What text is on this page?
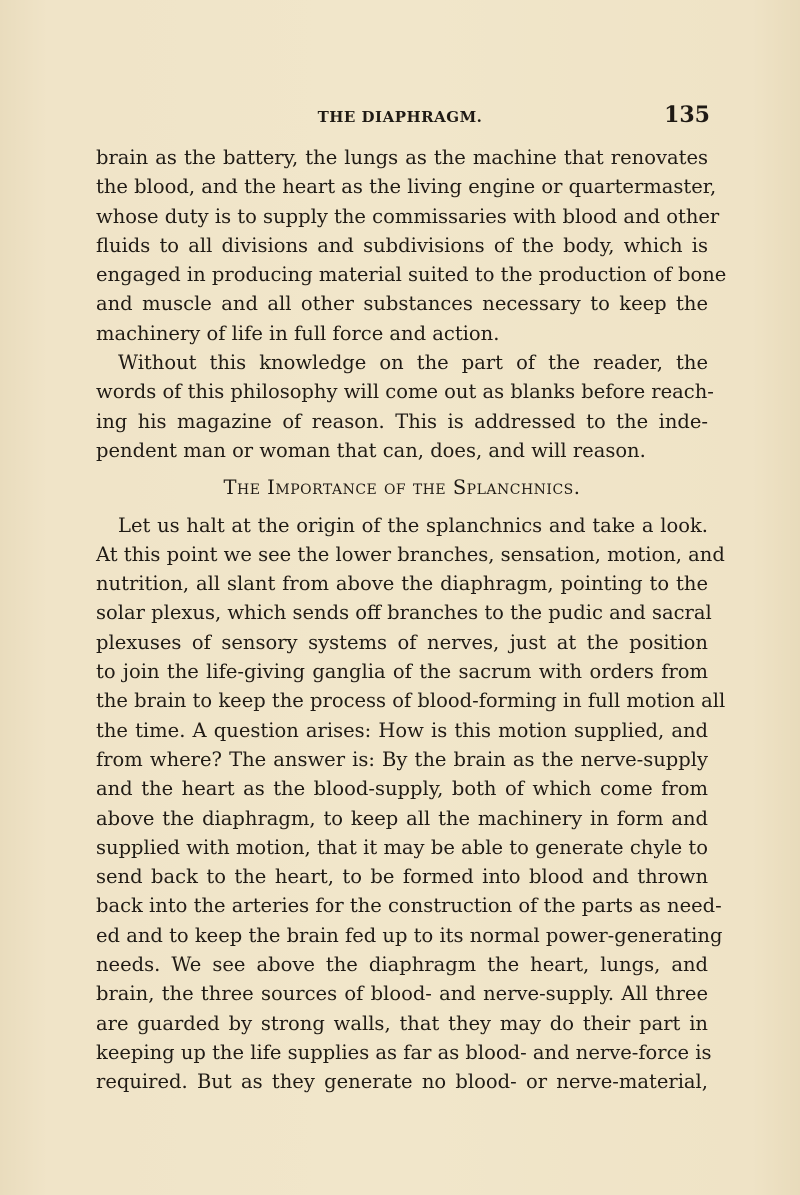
THE DIAPHRAGM.	135
brain as the battery, the lungs as the machine that renovates
the blood, and the heart as the living engine or quartermaster,
whose duty is to supply the commissaries with blood and other
fluids to all divisions and subdivisions of the body, which is
engaged in producing material suited to the production of bone
and muscle and all other substances necessary to keep the
machinery of life in full force and action.
Without this knowledge on the part of the reader, the
words of this philosophy will come out as blanks before reach-
ing his magazine of reason. This is addressed to the inde-
pendent man or woman that can, does, and will reason.
The Importance of the Splanchnics.
Let us halt at the origin of the splanchnics and take a look.
At this point we see the lower branches, sensation, motion, and
nutrition, all slant from above the diaphragm, pointing to the
solar plexus, which sends off branches to the pudic and sacral
plexuses of sensory systems of nerves, just at the position
to join the life-giving ganglia of the sacrum with orders from
the brain to keep the process of blood-forming in full motion all
the time. A question arises: How is this motion supplied, and
from where? The answer is: By the brain as the nerve-supply
and the heart as the blood-supply, both of which come from
above the diaphragm, to keep all the machinery in form and
supplied with motion, that it may be able to generate chyle to
send back to the heart, to be formed into blood and thrown
back into the arteries for the construction of the parts as need-
ed and to keep the brain fed up to its normal power-generating
needs. We see above the diaphragm the heart, lungs, and
brain, the three sources of blood- and nerve-supply. All three
are guarded by strong walls, that they may do their part in
keeping up the life supplies as far as blood- and nerve-force is
required. But as they generate no blood- or nerve-material,
